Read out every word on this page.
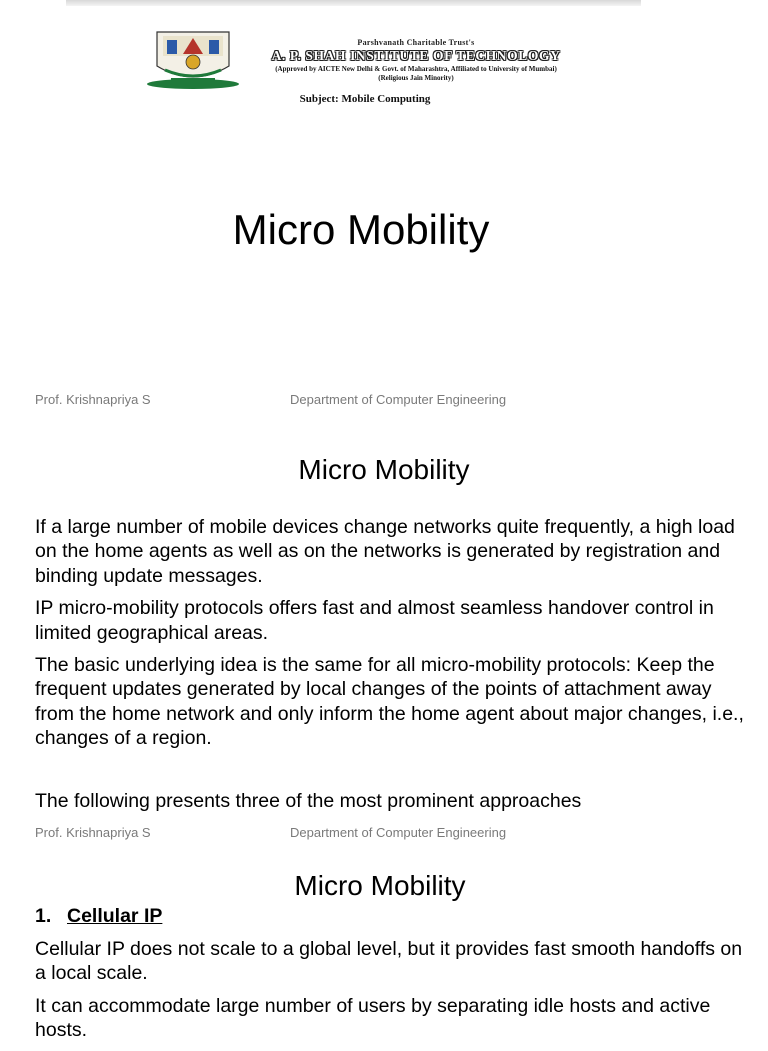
Parshvanath Charitable Trust's
A. P. SHAH INSTITUTE OF TECHNOLOGY
(Approved by AICTE New Delhi & Govt. of Maharashtra, Affiliated to University of Mumbai)
(Religious Jain Minority)
Subject: Mobile Computing
Micro Mobility
Prof. Krishnapriya S	Department of Computer Engineering
Micro Mobility

If a large number of mobile devices change networks quite frequently, a high load on the home agents as well as on the networks is generated by registration and binding update messages.

IP micro-mobility protocols offers fast and almost seamless handover control in limited geographical areas.

The basic underlying idea is the same for all micro-mobility protocols: Keep the frequent updates generated by local changes of the points of attachment away from the home network and only inform the home agent about major changes, i.e., changes of a region.

The following presents three of the most prominent approaches

Prof. Krishnapriya S	Department of Computer Engineering
Micro Mobility
1. Cellular IP

Cellular IP does not scale to a global level, but it provides fast smooth handoffs on a local scale.

It can accommodate large number of users by separating idle hosts and active hosts.
